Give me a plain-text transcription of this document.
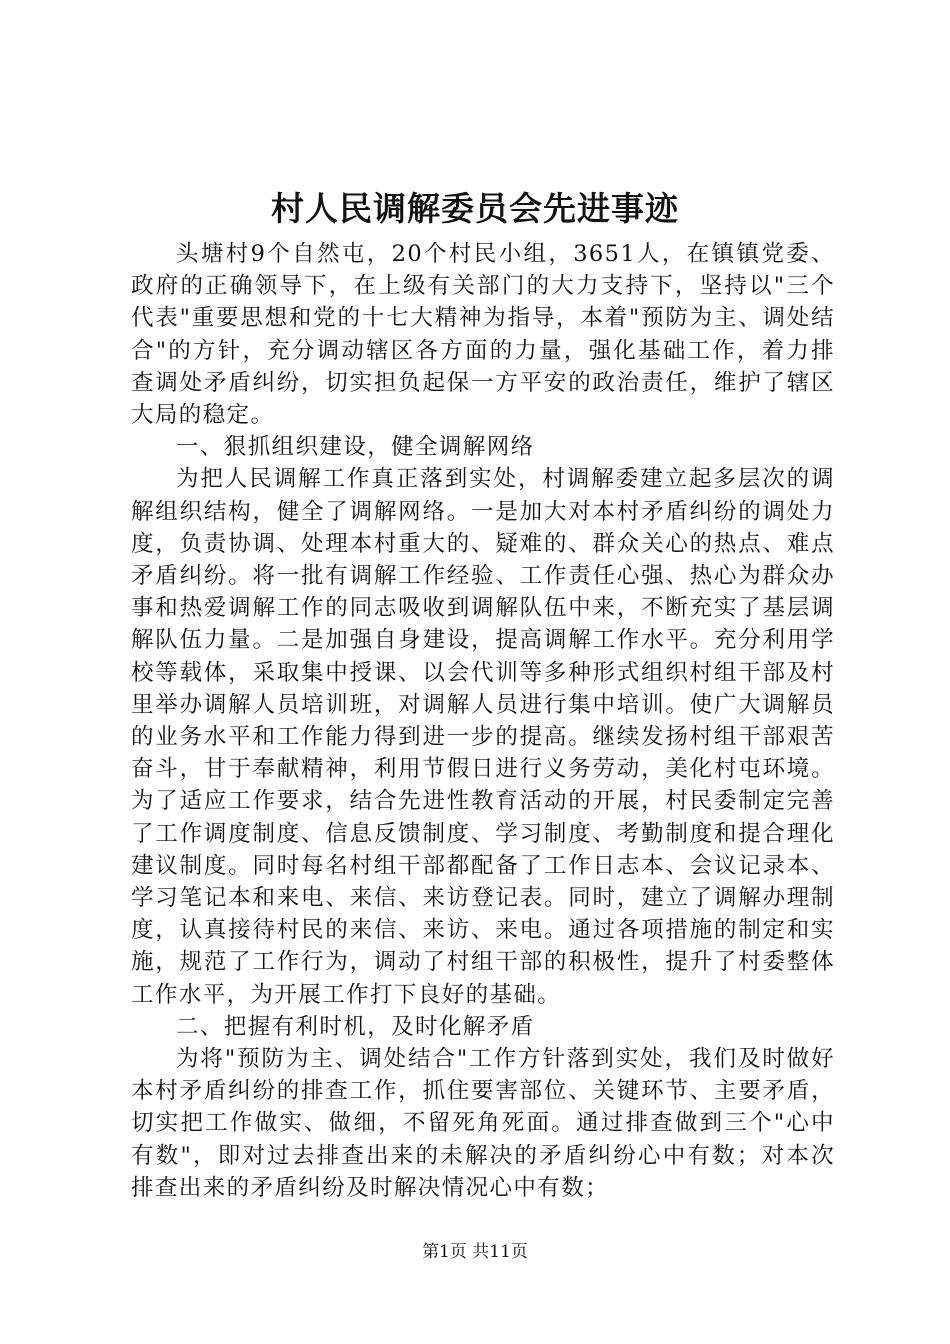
村人民调解委员会先进事迹

头塘村9个自然屯，20个村民小组，3651人，在镇镇党委、政府的正确领导下，在上级有关部门的大力支持下，坚持以"三个代表"重要思想和党的十七大精神为指导，本着"预防为主、调处结合"的方针，充分调动辖区各方面的力量，强化基础工作，着力排查调处矛盾纠纷，切实担负起保一方平安的政治责任，维护了辖区大局的稳定。

一、狠抓组织建设，健全调解网络

为把人民调解工作真正落到实处，村调解委建立起多层次的调解组织结构，健全了调解网络。一是加大对本村矛盾纠纷的调处力度，负责协调、处理本村重大的、疑难的、群众关心的热点、难点矛盾纠纷。将一批有调解工作经验、工作责任心强、热心为群众办事和热爱调解工作的同志吸收到调解队伍中来，不断充实了基层调解队伍力量。二是加强自身建设，提高调解工作水平。充分利用学校等载体，采取集中授课、以会代训等多种形式组织村组干部及村里举办调解人员培训班，对调解人员进行集中培训。使广大调解员的业务水平和工作能力得到进一步的提高。继续发扬村组干部艰苦奋斗，甘于奉献精神，利用节假日进行义务劳动，美化村屯环境。为了适应工作要求，结合先进性教育活动的开展，村民委制定完善了工作调度制度、信息反馈制度、学习制度、考勤制度和提合理化建议制度。同时每名村组干部都配备了工作日志本、会议记录本、学习笔记本和来电、来信、来访登记表。同时，建立了调解办理制度，认真接待村民的来信、来访、来电。通过各项措施的制定和实施，规范了工作行为，调动了村组干部的积极性，提升了村委整体工作水平，为开展工作打下良好的基础。

二、把握有利时机，及时化解矛盾

为将"预防为主、调处结合"工作方针落到实处，我们及时做好本村矛盾纠纷的排查工作，抓住要害部位、关键环节、主要矛盾，切实把工作做实、做细，不留死角死面。通过排查做到三个"心中有数"，即对过去排查出来的未解决的矛盾纠纷心中有数；对本次排查出来的矛盾纠纷及时解决情况心中有数；

第1页 共11页
